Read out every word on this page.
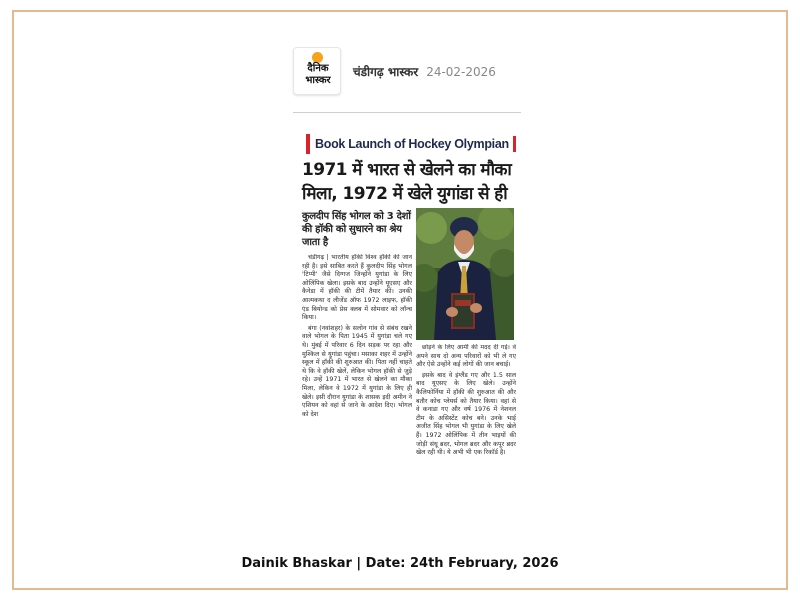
दैनिक
भास्कर
चंडीगढ़ भास्कर 24-02-2026
Book Launch of Hockey Olympian
1971 में भारत से खेलने का मौका मिला, 1972 में खेले युगांडा से ही
कुलदीप सिंह भोगल को 3 देशों की हॉकी को सुधारने का श्रेय जाता है

चंडीगढ़ | भारतीय हॉकी विश्व हॉकी की जान रही है। इसे साबित करते हैं कुलदीप सिंह भोगल 'टिप्पी' जैसे दिग्गज जिन्होंने युगांडा के लिए ओलिंपिक खेला। इसके बाद उन्होंने यूएसए और कैनेडा में हॉकी की टीमें तैयार कीं। उनकी आत्मकथा द लीजेंड ऑफ 1972 लाइफ, हॉकी एंड बियोन्ड को प्रेस क्लब में सोमवार को लॉन्च किया।

बंगा (नवांशहर) के सलोन गांव से संबंध रखने वाले भोगल के पिता 1945 में युगांडा चले गए थे। मुंबई में परिवार 6 दिन सड़क पर रहा और मुश्किल से युगांडा पहुंचा। मसाका शहर में उन्होंने स्कूल में हॉकी की शुरुआत की। पिता नहीं चाहते थे कि वे हॉकी खेलें, लेकिन भोगल हॉकी से जुड़े रहे। उन्हें 1971 में भारत से खेलने का मौका मिला, लेकिन वे 1972 में युगांडा के लिए ही खेले। इसी दौरान युगांडा के शासक इदी अमीन ने एशियन को वहां से जाने के आदेश दिए। भोगल को देश

छोड़ने के लिए आर्मी की मदद दी गई। वे अपने साथ दो अन्य परिवारों को भी ले गए और ऐसे उन्होंने कई लोगों की जान बचाई।

इसके बाद वे इंग्लैंड गए और 1.5 साल बाद यूएसए के लिए खेले। उन्होंने कैलिफोर्निया में हॉकी की शुरुआत की और बतौर कोच प्लेयर्स को तैयार किया। वहां से वे कनाडा गए और वर्ष 1976 में नेशनल टीम के असिस्टेंट कोच बने। उनके भाई अजीत सिंह भोगल भी युगांडा के लिए खेले हैं। 1972 ओलिंपिक में तीन भाइयों की जोड़ी संधू ब्रदर, भोगल ब्रदर और कपूर ब्रदर खेल रही थी। ये अभी भी एक रिकॉर्ड है।

Dainik Bhaskar | Date: 24th February, 2026
